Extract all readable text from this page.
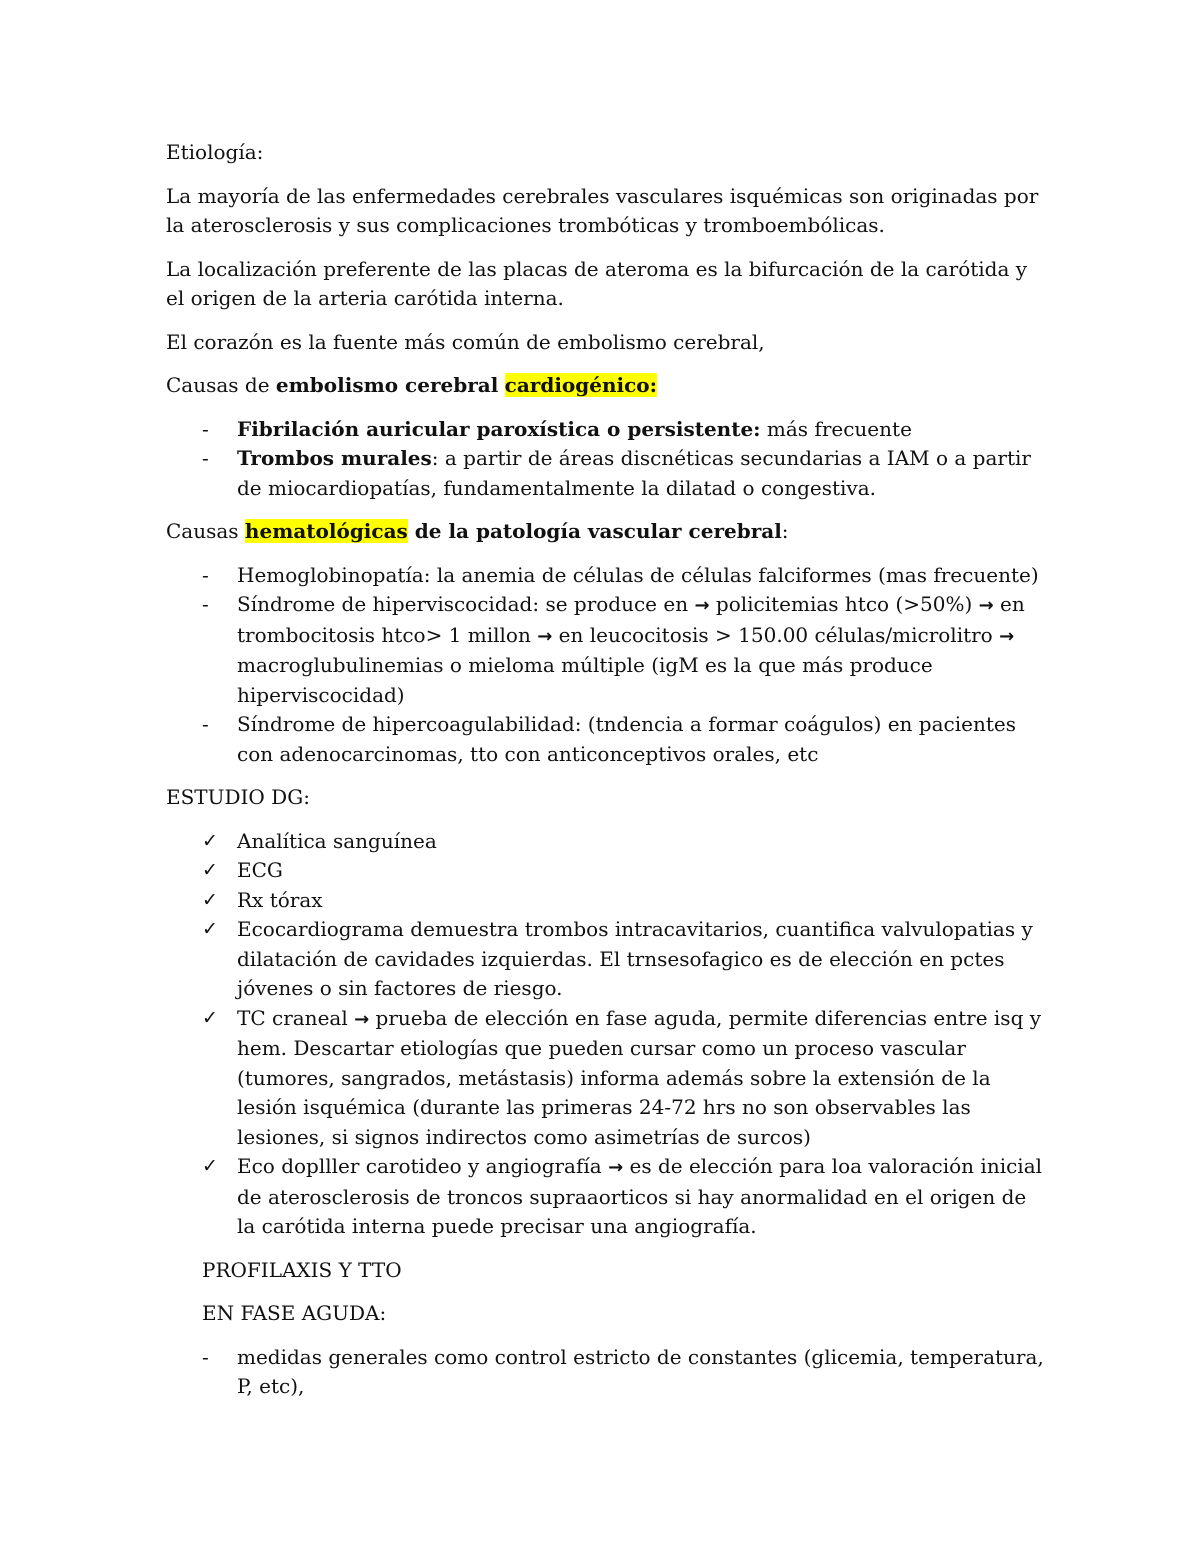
Etiología:

La mayoría de las enfermedades cerebrales vasculares isquémicas son originadas por la aterosclerosis y sus complicaciones trombóticas y tromboembólicas.

La localización preferente de las placas de ateroma es la bifurcación de la carótida y el origen de la arteria carótida interna.

El corazón es la fuente más común de embolismo cerebral,

Causas de embolismo cerebral cardiogénico:

- Fibrilación auricular paroxística o persistente: más frecuente
- Trombos murales: a partir de áreas discnéticas secundarias a IAM o a partir de miocardiopatías, fundamentalmente la dilatad o congestiva.

Causas hematológicas de la patología vascular cerebral:

- Hemoglobinopatía: la anemia de células de células falciformes (mas frecuente)
- Síndrome de hiperviscocidad: se produce en → policitemias htco (>50%) → en trombocitosis htco> 1 millon → en leucocitosis > 150.00 células/microlitro → macroglubulinemias o mieloma múltiple (igM es la que más produce hiperviscocidad)
- Síndrome de hipercoagulabilidad: (tndencia a formar coágulos) en pacientes con adenocarcinomas, tto con anticonceptivos orales, etc

ESTUDIO DG:

✓ Analítica sanguínea
✓ ECG
✓ Rx tórax
✓ Ecocardiograma demuestra trombos intracavitarios, cuantifica valvulopatias y dilatación de cavidades izquierdas. El trnsesofagico es de elección en pctes jóvenes o sin factores de riesgo.
✓ TC craneal → prueba de elección en fase aguda, permite diferencias entre isq y hem. Descartar etiologías que pueden cursar como un proceso vascular (tumores, sangrados, metástasis) informa además sobre la extensión de la lesión isquémica (durante las primeras 24-72 hrs no son observables las lesiones, si signos indirectos como asimetrías de surcos)
✓ Eco doplller carotideo y angiografía → es de elección para loa valoración inicial de aterosclerosis de troncos supraaorticos si hay anormalidad en el origen de la carótida interna puede precisar una angiografía.

PROFILAXIS Y TTO

EN FASE AGUDA:

- medidas generales como control estricto de constantes (glicemia, temperatura, P, etc),
